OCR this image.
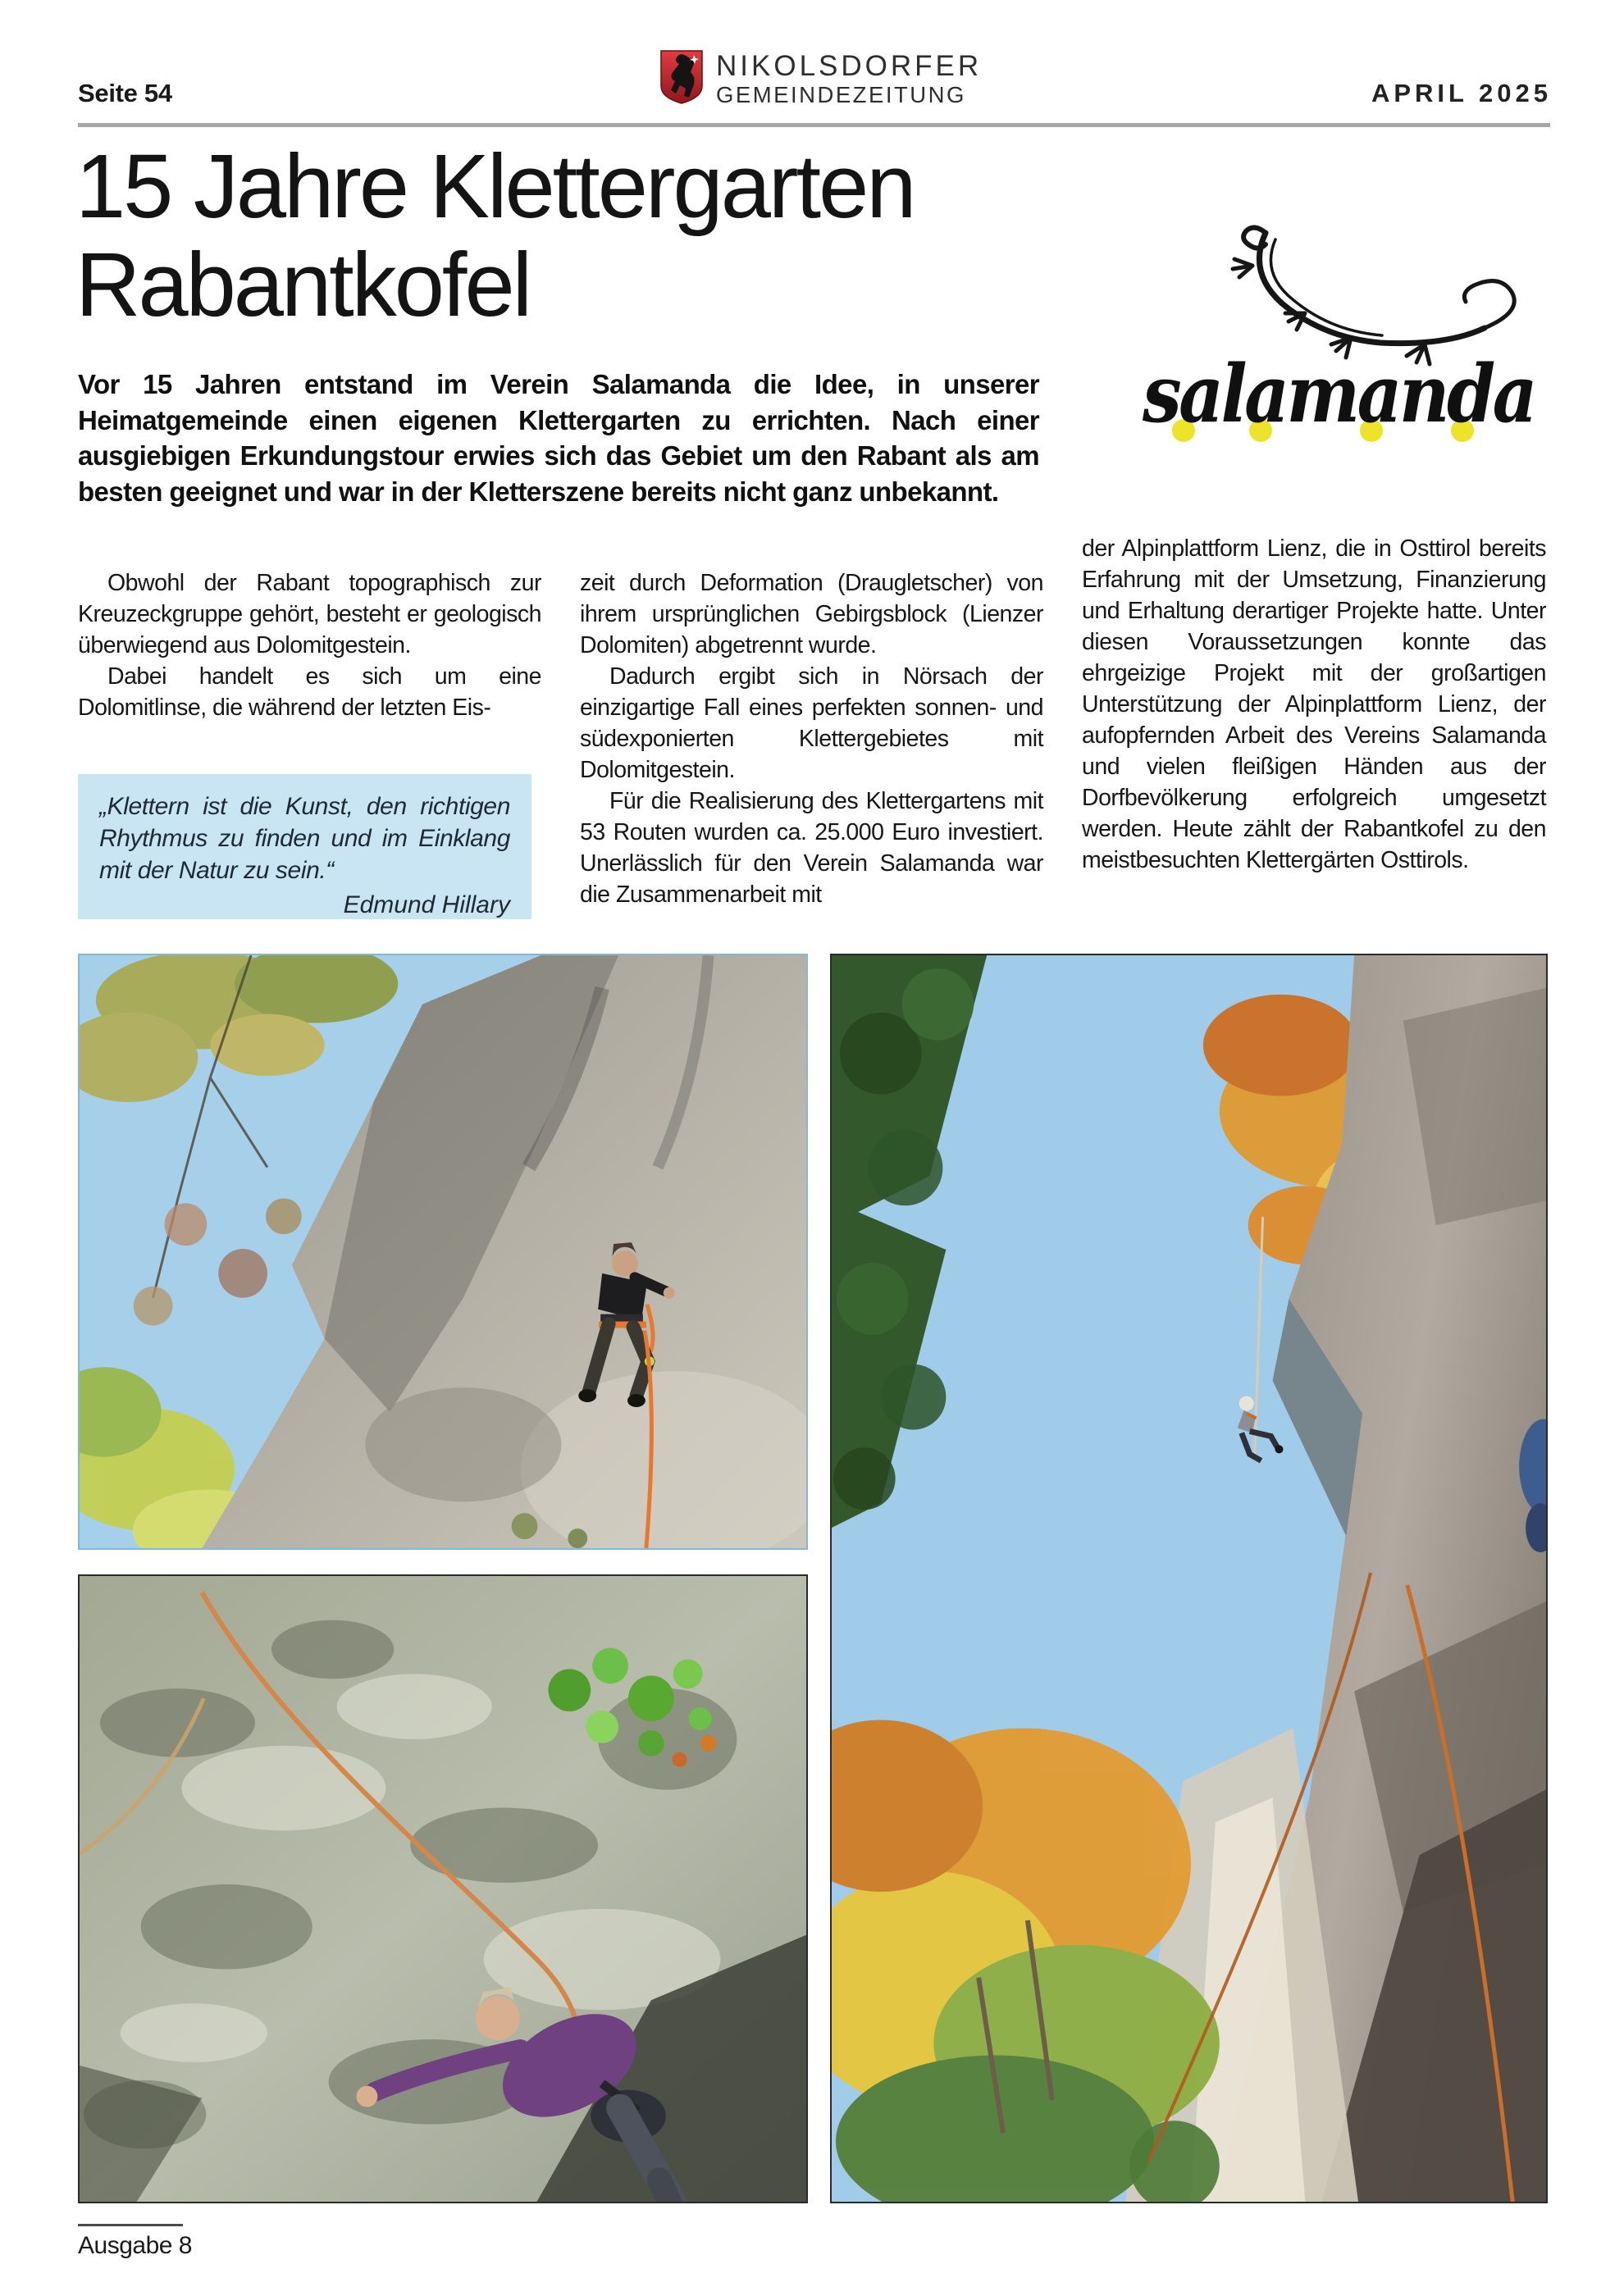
Seite 54
NIKOLSDORFER
GEMEINDEZEITUNG	APRIL 2025
15 Jahre Klettergarten Rabantkofel
salamanda

Vor 15 Jahren entstand im Verein Salamanda die Idee, in unserer Heimatgemeinde einen eigenen Klettergarten zu errichten. Nach einer ausgiebigen Erkundungstour erwies sich das Gebiet um den Rabant als am besten geeignet und war in der Kletterszene bereits nicht ganz unbekannt.

Obwohl der Rabant topographisch zur Kreuzeckgruppe gehört, besteht er geologisch überwiegend aus Dolomitgestein.

Dabei handelt es sich um eine Dolomitlinse, die während der letzten Eis-

„Klettern ist die Kunst, den richtigen Rhythmus zu finden und im Einklang mit der Natur zu sein.“

Edmund Hillary

zeit durch Deformation (Draugletscher) von ihrem ursprünglichen Gebirgsblock (Lienzer Dolomiten) abgetrennt wurde.

Dadurch ergibt sich in Nörsach der einzigartige Fall eines perfekten sonnen- und südexponierten Klettergebietes mit Dolomitgestein.

Für die Realisierung des Klettergartens mit 53 Routen wurden ca. 25.000 Euro investiert. Unerlässlich für den Verein Salamanda war die Zusammenarbeit mit

der Alpinplattform Lienz, die in Osttirol bereits Erfahrung mit der Umsetzung, Finanzierung und Erhaltung derartiger Projekte hatte. Unter diesen Voraussetzungen konnte das ehrgeizige Projekt mit der großartigen Unterstützung der Alpinplattform Lienz, der aufopfernden Arbeit des Vereins Salamanda und vielen fleißigen Händen aus der Dorfbevölkerung erfolgreich umgesetzt werden. Heute zählt der Rabantkofel zu den meistbesuchten Klettergärten Osttirols.

Ausgabe 8
